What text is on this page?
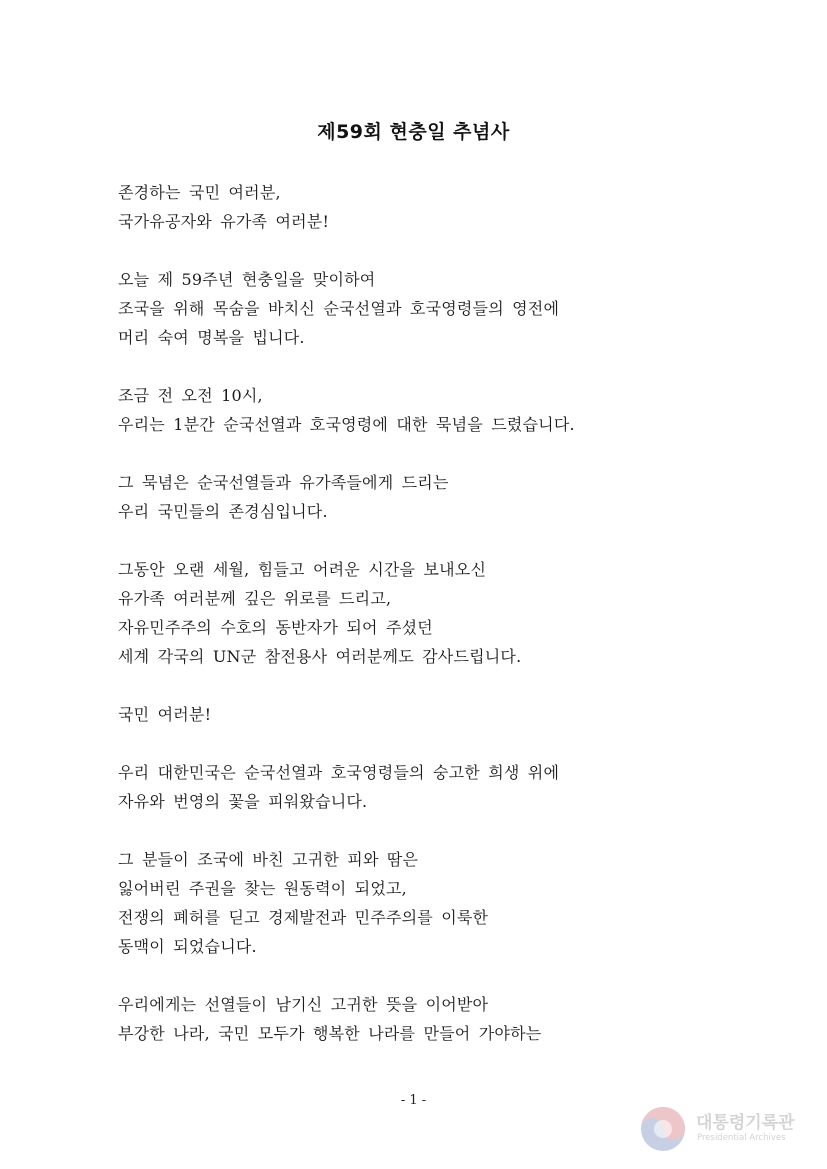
제59회 현충일 추념사
존경하는 국민 여러분,
국가유공자와 유가족 여러분!
오늘 제 59주년 현충일을 맞이하여
조국을 위해 목숨을 바치신 순국선열과 호국영령들의 영전에
머리 숙여 명복을 빕니다.
조금 전 오전 10시,
우리는 1분간 순국선열과 호국영령에 대한 묵념을 드렸습니다.
그 묵념은 순국선열들과 유가족들에게 드리는
우리 국민들의 존경심입니다.
그동안 오랜 세월, 힘들고 어려운 시간을 보내오신
유가족 여러분께 깊은 위로를 드리고,
자유민주주의 수호의 동반자가 되어 주셨던
세계 각국의 UN군 참전용사 여러분께도 감사드립니다.
국민 여러분!
우리 대한민국은 순국선열과 호국영령들의 숭고한 희생 위에
자유와 번영의 꽃을 피워왔습니다.
그 분들이 조국에 바친 고귀한 피와 땀은
잃어버린 주권을 찾는 원동력이 되었고,
전쟁의 폐허를 딛고 경제발전과 민주주의를 이룩한
동맥이 되었습니다.
우리에게는 선열들이 남기신 고귀한 뜻을 이어받아
부강한 나라, 국민 모두가 행복한 나라를 만들어 가야하는
- 1 -
대통령기록관
Presidential Archives
